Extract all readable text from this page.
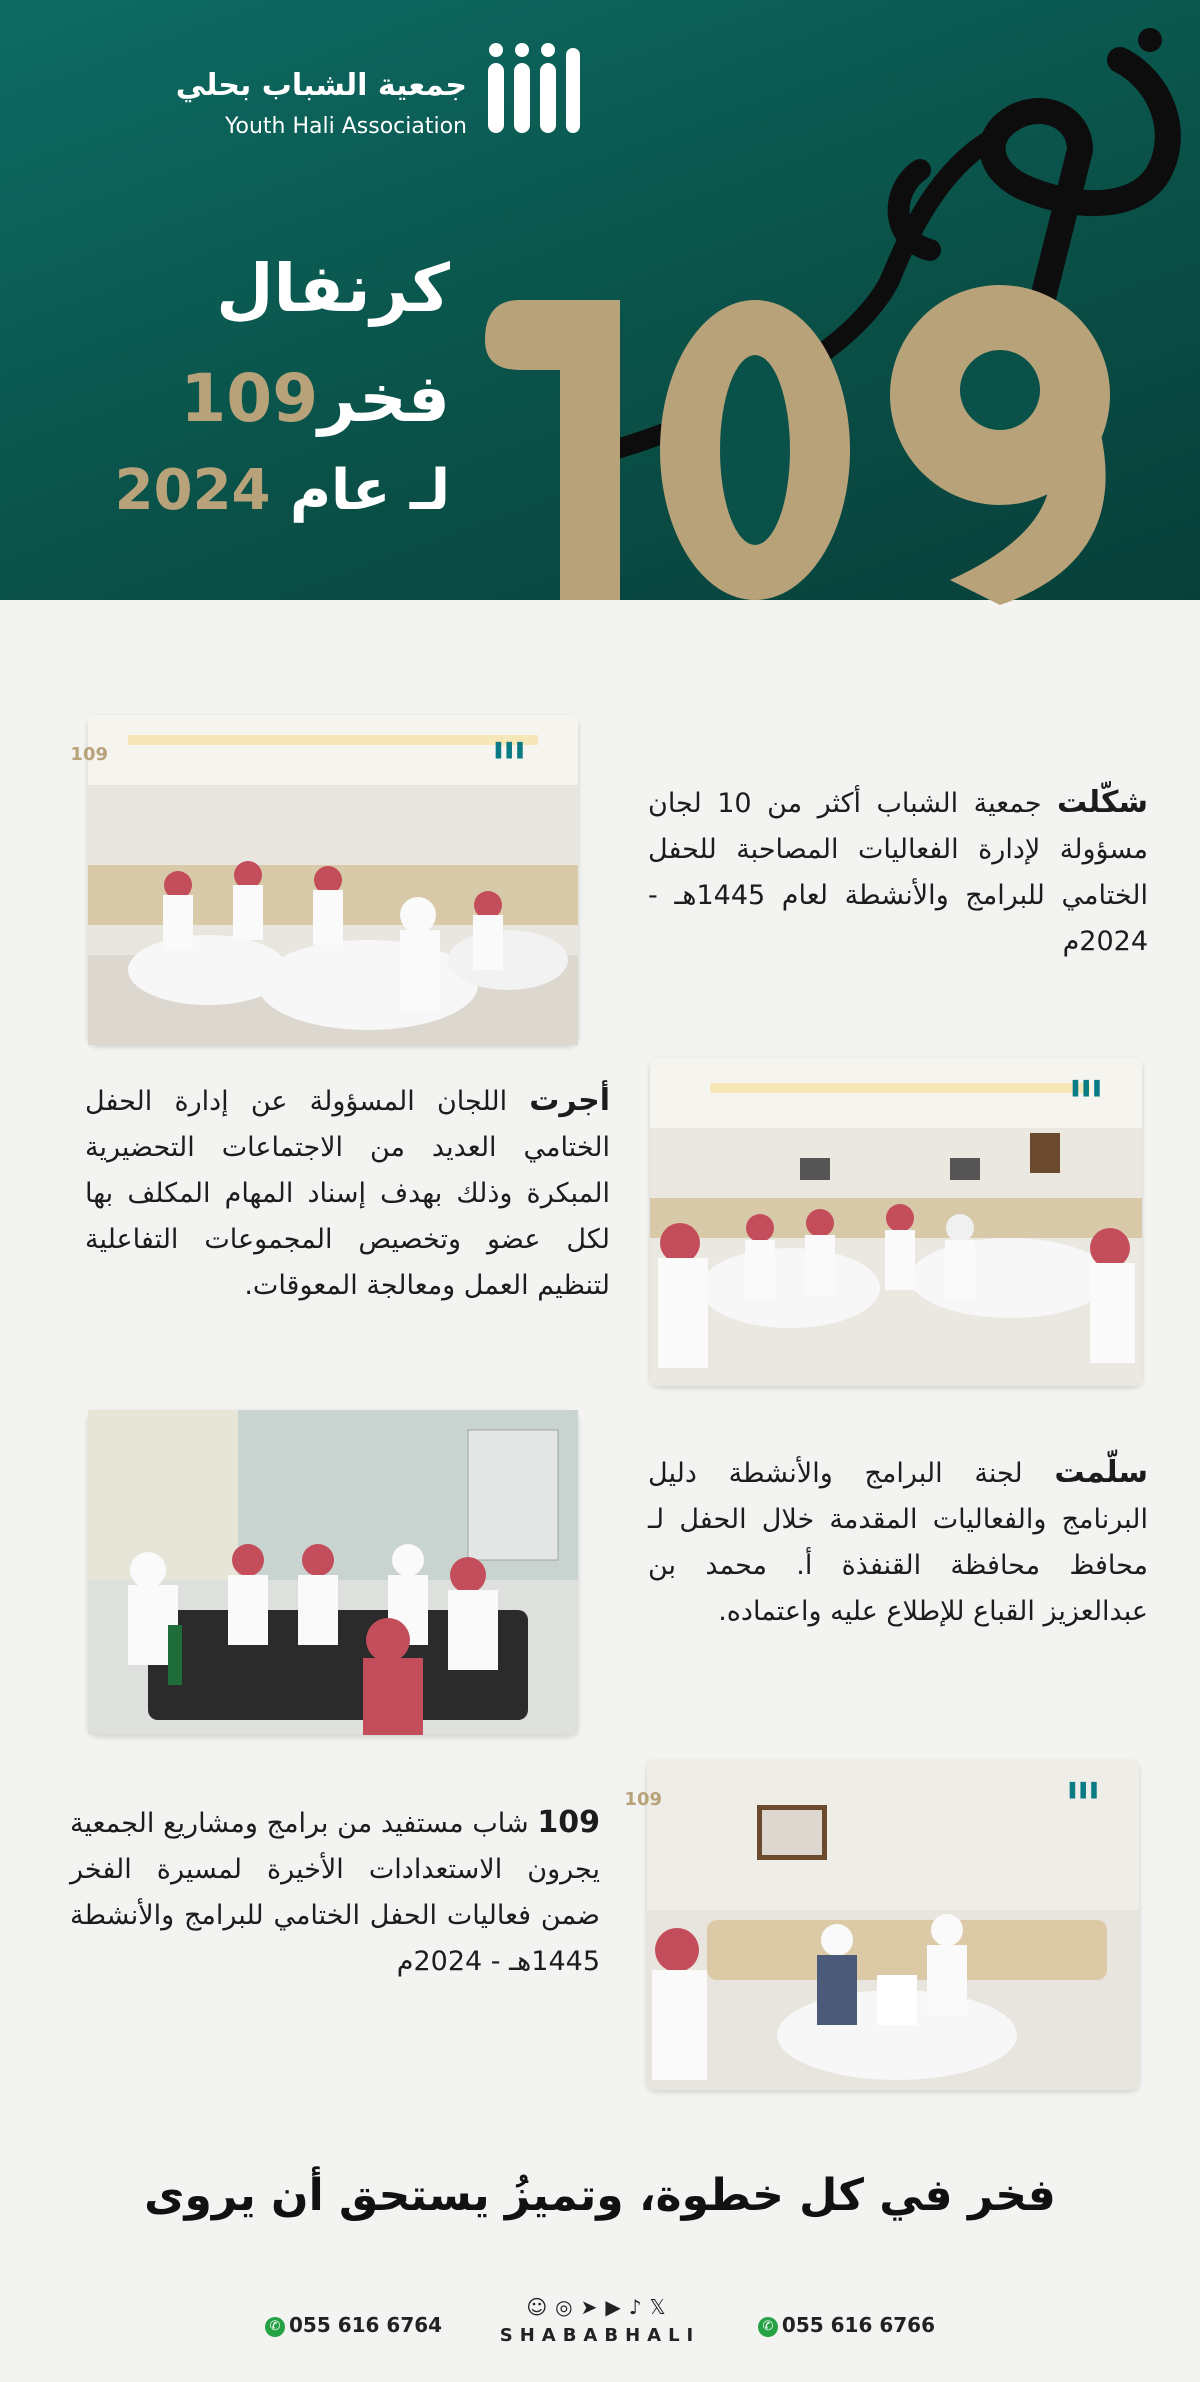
جمعية الشباب بحلي
Youth Hali Association
كرنفال
فخر109
لـ عام 2024
▌▌▌
109
شكّلت جمعية الشباب أكثر من 10 لجان مسؤولة لإدارة الفعاليات المصاحبة للحفل الختامي للبرامج والأنشطة لعام 1445هـ - 2024م
▌▌▌
أجرت اللجان المسؤولة عن إدارة الحفل الختامي العديد من الاجتماعات التحضيرية المبكرة وذلك بهدف إسناد المهام المكلف بها لكل عضو وتخصيص المجموعات التفاعلية لتنظيم العمل ومعالجة المعوقات.
سلّمت لجنة البرامج والأنشطة دليل البرنامج والفعاليات المقدمة خلال الحفل لـ محافظ محافظة القنفذة أ. محمد بن عبدالعزيز القباع للإطلاع عليه واعتماده.
▌▌▌
109
109 شاب مستفيد من برامج ومشاريع الجمعية يجرون الاستعدادات الأخيرة لمسيرة الفخر ضمن فعاليات الحفل الختامي للبرامج والأنشطة 1445هـ - 2024م
فخر في كل خطوة، وتميزُ يستحق أن يروى
✆ 055 616 6766
𝕏♪▶➤◎☺
SHABABHALI
✆ 055 616 6764
